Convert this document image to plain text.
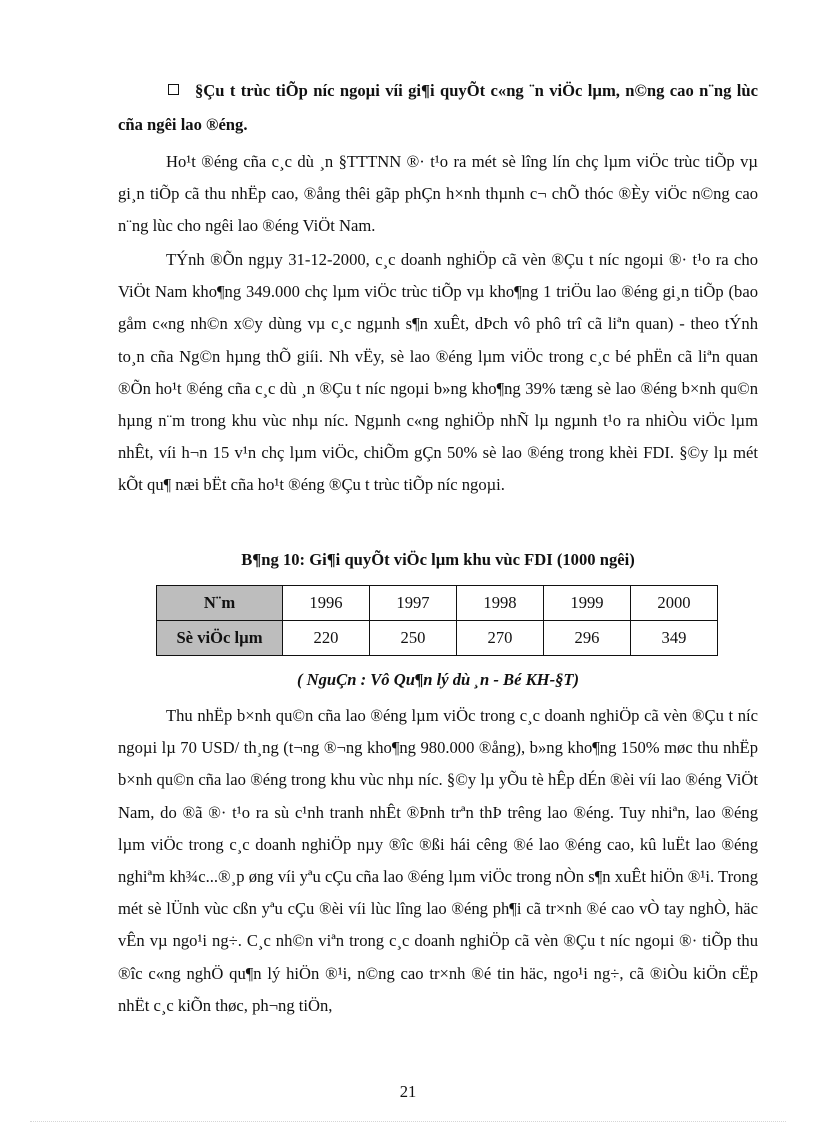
§Çu t trùc tiÕp níc ngoµi víi gi¶i quyÕt c«ng ¨n viÖc lµm, n©ng cao n¨ng lùc cña ngêi lao ®éng.

Ho¹t ®éng cña c¸c dù ¸n §TTTNN ®· t¹o ra mét sè lîng lín chç lµm viÖc trùc tiÕp vµ gi¸n tiÕp cã thu nhËp cao, ®ång thêi gãp phÇn h×nh thµnh c¬ chÕ thóc ®Èy viÖc n©ng cao n¨ng lùc cho ngêi lao ®éng ViÖt Nam.

TÝnh ®Õn ngµy 31-12-2000, c¸c doanh nghiÖp cã vèn ®Çu t níc ngoµi ®· t¹o ra cho ViÖt Nam kho¶ng 349.000 chç lµm viÖc trùc tiÕp vµ kho¶ng 1 triÖu lao ®éng gi¸n tiÕp (bao gåm c«ng nh©n x©y dùng vµ c¸c ngµnh s¶n xuÊt, dÞch vô phô trî cã liªn quan) - theo tÝnh to¸n cña Ng©n hµng thÕ giíi. Nh vËy, sè lao ®éng lµm viÖc trong c¸c bé phËn cã liªn quan ®Õn ho¹t ®éng cña c¸c dù ¸n ®Çu t níc ngoµi b»ng kho¶ng 39% tæng sè lao ®éng b×nh qu©n hµng n¨m trong khu vùc nhµ níc. Ngµnh c«ng nghiÖp nhÑ lµ ngµnh t¹o ra nhiÒu viÖc lµm nhÊt, víi h¬n 15 v¹n chç lµm viÖc, chiÕm gÇn 50% sè lao ®éng trong khèi FDI. §©y lµ mét kÕt qu¶ næi bËt cña ho¹t ®éng ®Çu t trùc tiÕp níc ngoµi.

B¶ng 10: Gi¶i quyÕt viÖc lµm khu vùc FDI (1000 ngêi)
N¨m	1996	1997	1998	1999	2000
Sè viÖc lµm	220	250	270	296	349
( NguÇn : Vô Qu¶n lý dù ¸n - Bé KH-§T)

Thu nhËp b×nh qu©n cña lao ®éng lµm viÖc trong c¸c doanh nghiÖp cã vèn ®Çu t níc ngoµi lµ 70 USD/ th¸ng (t¬ng ®¬ng kho¶ng 980.000 ®ång), b»ng kho¶ng 150% møc thu nhËp b×nh qu©n cña lao ®éng trong khu vùc nhµ níc. §©y lµ yÕu tè hÊp dÉn ®èi víi lao ®éng ViÖt Nam, do ®ã ®· t¹o ra sù c¹nh tranh nhÊt ®Þnh trªn thÞ trêng lao ®éng. Tuy nhiªn, lao ®éng lµm viÖc trong c¸c doanh nghiÖp nµy ®îc ®ßi hái cêng ®é lao ®éng cao, kû luËt lao ®éng nghiªm kh¾c...®¸p øng víi yªu cÇu cña lao ®éng lµm viÖc trong nÒn s¶n xuÊt hiÖn ®¹i. Trong mét sè lÜnh vùc cßn yªu cÇu ®èi víi lùc lîng lao ®éng ph¶i cã tr×nh ®é cao vÒ tay nghÒ, häc vÊn vµ ngo¹i ng÷. C¸c nh©n viªn trong c¸c doanh nghiÖp cã vèn ®Çu t níc ngoµi ®· tiÕp thu ®îc c«ng nghÖ qu¶n lý hiÖn ®¹i, n©ng cao tr×nh ®é tin häc, ngo¹i ng÷, cã ®iÒu kiÖn cËp nhËt c¸c kiÕn thøc, ph¬ng tiÖn,

21
